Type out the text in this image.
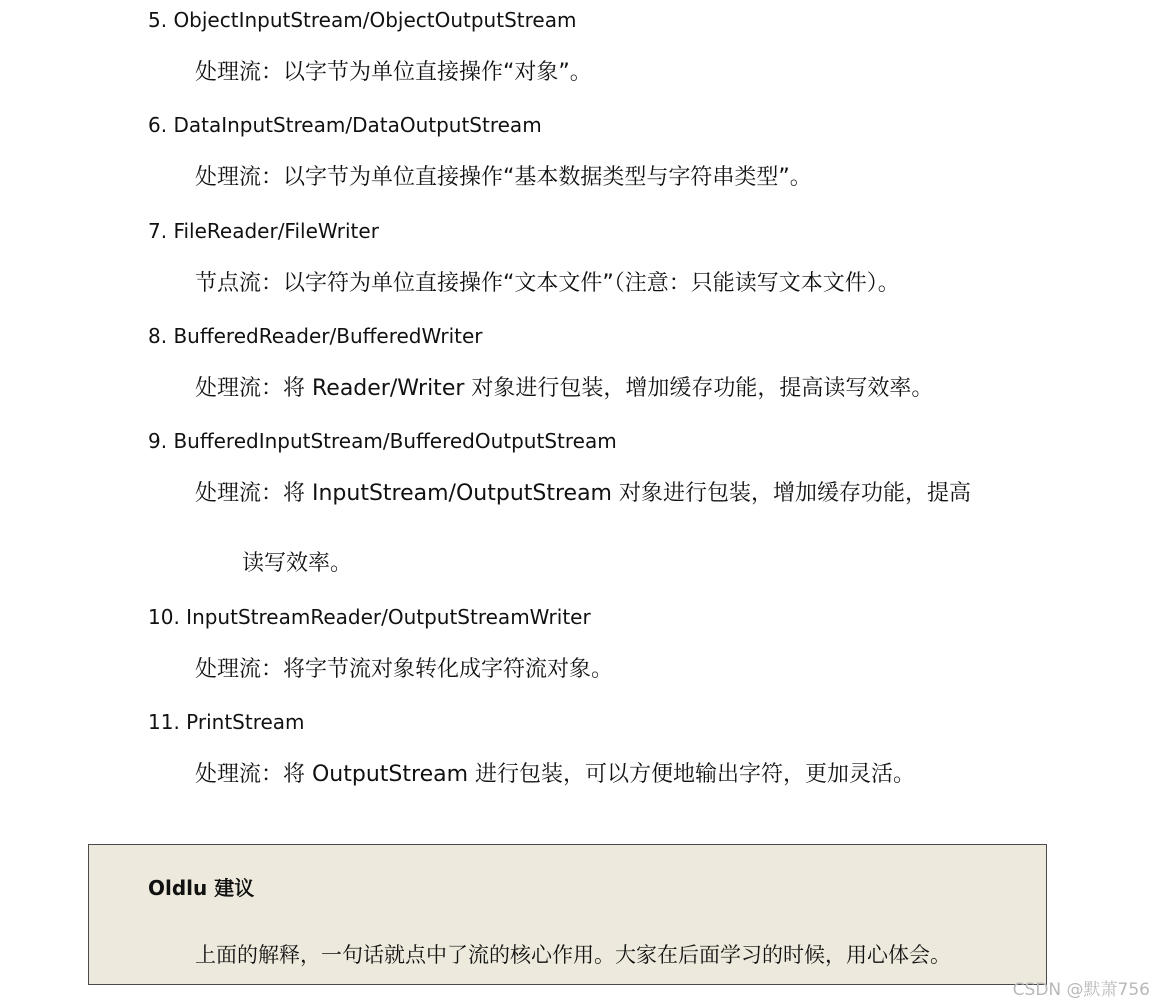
5. ObjectInputStream/ObjectOutputStream
处理流：以字节为单位直接操作“对象”。
6. DataInputStream/DataOutputStream
处理流：以字节为单位直接操作“基本数据类型与字符串类型”。
7. FileReader/FileWriter
节点流：以字符为单位直接操作“文本文件”（注意：只能读写文本文件）。
8. BufferedReader/BufferedWriter
处理流：将 Reader/Writer 对象进行包装，增加缓存功能，提高读写效率。
9. BufferedInputStream/BufferedOutputStream
处理流：将 InputStream/OutputStream 对象进行包装，增加缓存功能，提高
读写效率。
10. InputStreamReader/OutputStreamWriter
处理流：将字节流对象转化成字符流对象。
11. PrintStream
处理流：将 OutputStream 进行包装，可以方便地输出字符，更加灵活。
Oldlu 建议
上面的解释，一句话就点中了流的核心作用。大家在后面学习的时候，用心体会。
CSDN @默萧756
